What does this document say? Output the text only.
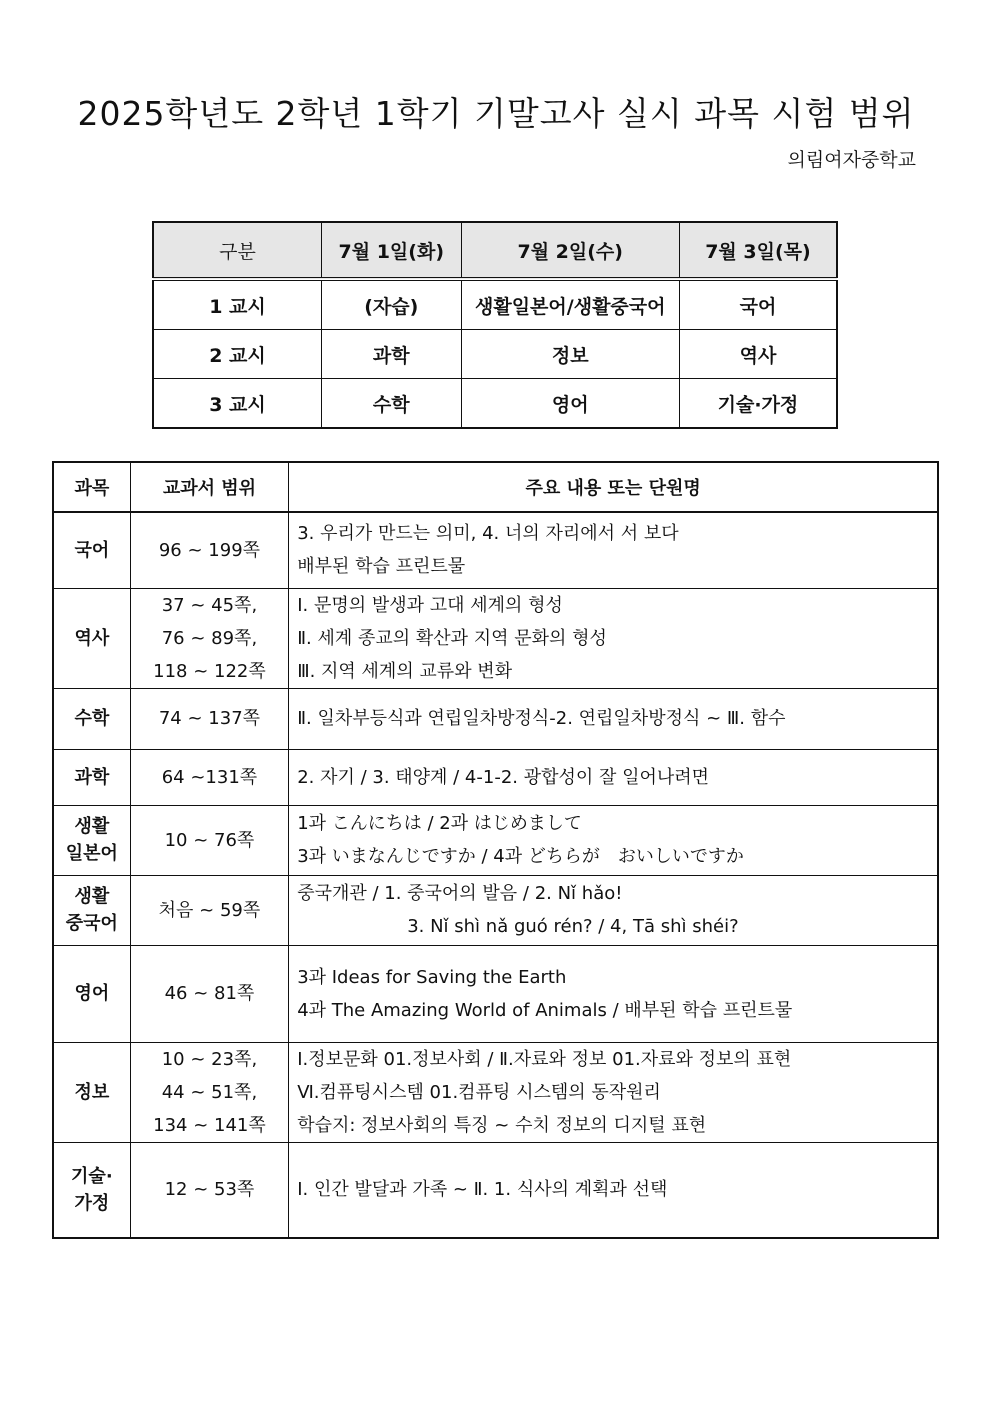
2025학년도 2학년 1학기 기말고사 실시 과목 시험 범위
의림여자중학교
구분	7월 1일(화)	7월 2일(수)	7월 3일(목)
1 교시	(자습)	생활일본어/생활중국어	국어
2 교시	과학	정보	역사
3 교시	수학	영어	기술·가정
과목	교과서 범위	주요 내용 또는 단원명

국어	96 ~ 199쪽	3. 우리가 만드는 의미, 4. 너의 자리에서 서 보다
배부된 학습 프린트물

역사	37 ~ 45쪽,
76 ~ 89쪽,
118 ~ 122쪽	Ⅰ. 문명의 발생과 고대 세계의 형성
Ⅱ. 세계 종교의 확산과 지역 문화의 형성
Ⅲ. 지역 세계의 교류와 변화

수학	74 ~ 137쪽	Ⅱ. 일차부등식과 연립일차방정식-2. 연립일차방정식 ~ Ⅲ. 함수

과학	64 ~131쪽	2. 자기 / 3. 태양계 / 4-1-2. 광합성이 잘 일어나려면

생활
일본어	10 ~ 76쪽	1과 こんにちは / 2과 はじめまして
3과 いまなんじですか / 4과 どちらが　おいしいですか

생활
중국어	처음 ~ 59쪽	중국개관 / 1. 중국어의 발음 / 2. Nǐ hǎo!
3. Nǐ shì nǎ guó rén? / 4, Tā shì shéi?

영어	46 ~ 81쪽	3과 Ideas for Saving the Earth
4과 The Amazing World of Animals / 배부된 학습 프린트물

정보	10 ~ 23쪽,
44 ~ 51쪽,
134 ~ 141쪽	Ⅰ.정보문화 01.정보사회 / Ⅱ.자료와 정보 01.자료와 정보의 표현
Ⅵ.컴퓨팅시스템 01.컴퓨팅 시스템의 동작원리
학습지: 정보사회의 특징 ~ 수치 정보의 디지털 표현

기술·
가정	12 ~ 53쪽	Ⅰ. 인간 발달과 가족 ~ Ⅱ. 1. 식사의 계획과 선택
